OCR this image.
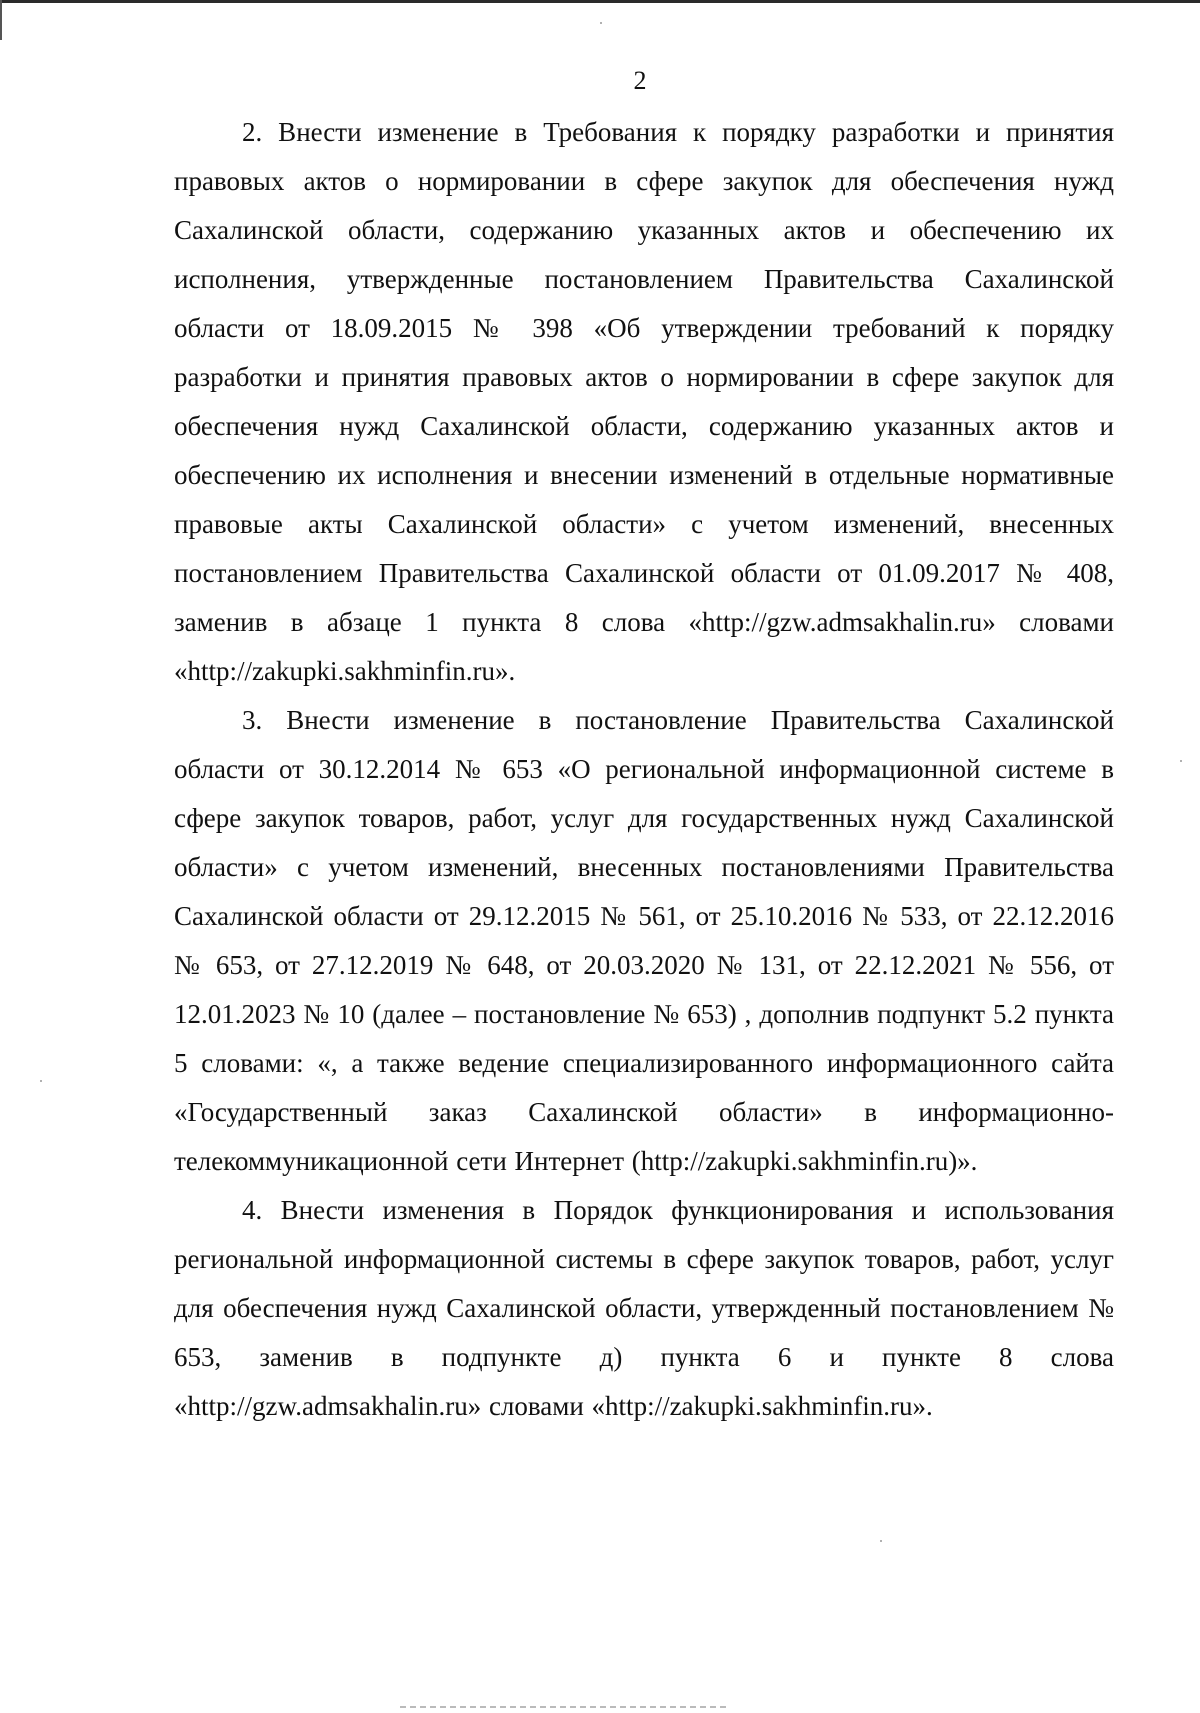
2

2. Внести изменение в Требования к порядку разработки и принятия правовых актов о нормировании в сфере закупок для обеспечения нужд Сахалинской области, содержанию указанных актов и обеспечению их исполнения, утвержденные постановлением Правительства Сахалинской области от 18.09.2015 № 398 «Об утверждении требований к порядку разработки и принятия правовых актов о нормировании в сфере закупок для обеспечения нужд Сахалинской области, содержанию указанных актов и обеспечению их исполнения и внесении изменений в отдельные нормативные правовые акты Сахалинской области» с учетом изменений, внесенных постановлением Правительства Сахалинской области от 01.09.2017 № 408, заменив в абзаце 1 пункта 8 слова «http://gzw.admsakhalin.ru» словами «http://zakupki.sakhminfin.ru».

3. Внести изменение в постановление Правительства Сахалинской области от 30.12.2014 № 653 «О региональной информационной системе в сфере закупок товаров, работ, услуг для государственных нужд Сахалинской области» с учетом изменений, внесенных постановлениями Правительства Сахалинской области от 29.12.2015 № 561, от 25.10.2016 № 533, от 22.12.2016 № 653, от 27.12.2019 № 648, от 20.03.2020 № 131, от 22.12.2021 № 556, от 12.01.2023 № 10 (далее – постановление № 653) , дополнив подпункт 5.2 пункта 5 словами: «, а также ведение специализированного информационного сайта «Государственный заказ Сахалинской области» в информационно-телекоммуникационной сети Интернет (http://zakupki.sakhminfin.ru)».

4. Внести изменения в Порядок функционирования и использования региональной информационной системы в сфере закупок товаров, работ, услуг для обеспечения нужд Сахалинской области, утвержденный постановлением № 653, заменив в подпункте д) пункта 6 и пункте 8 слова «http://gzw.admsakhalin.ru» словами «http://zakupki.sakhminfin.ru».
